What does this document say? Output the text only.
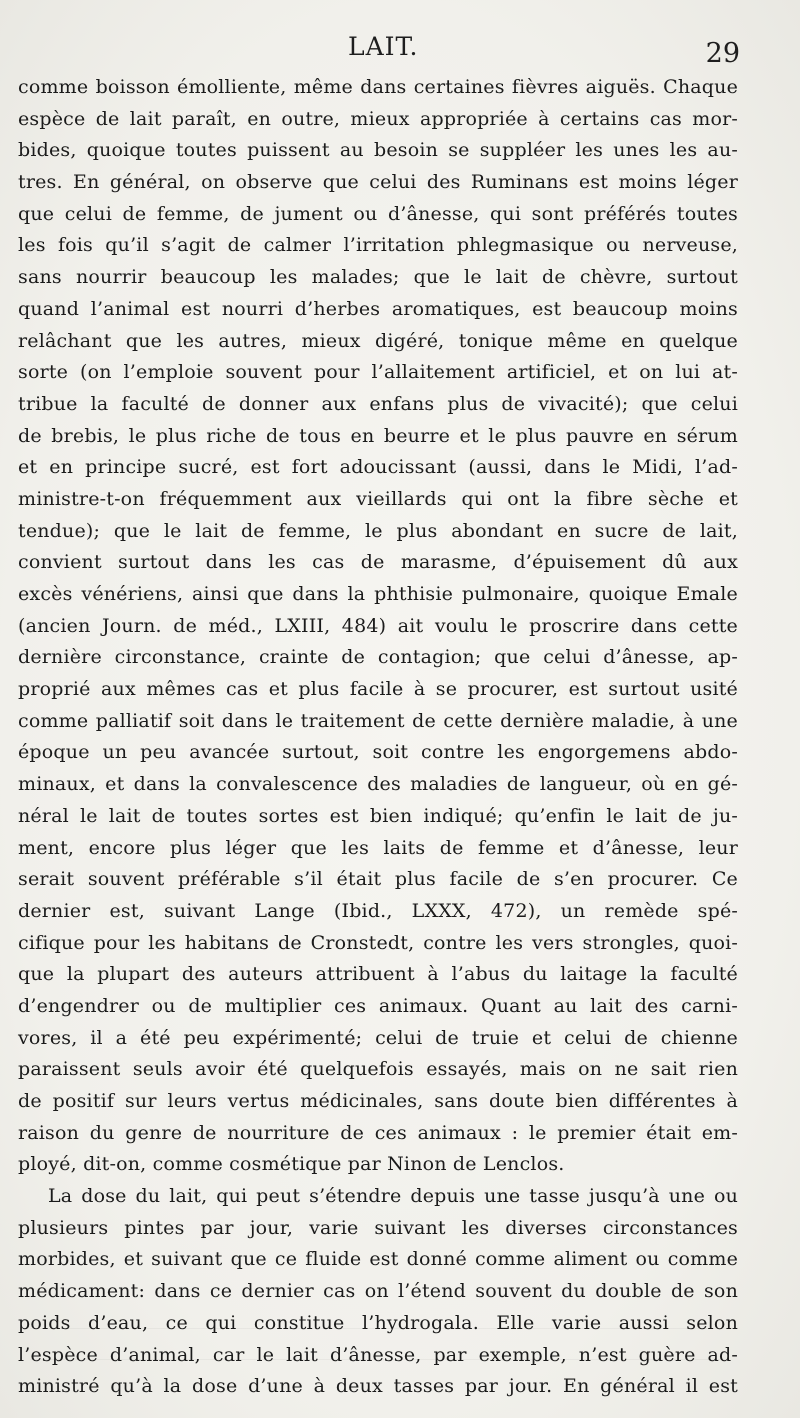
LAIT.	29
comme boisson émolliente, même dans certaines fièvres aiguës. Chaque
espèce de lait paraît, en outre, mieux appropriée à certains cas mor-
bides, quoique toutes puissent au besoin se suppléer les unes les au-
tres. En général, on observe que celui des Ruminans est moins léger
que celui de femme, de jument ou d’ânesse, qui sont préférés toutes
les fois qu’il s’agit de calmer l’irritation phlegmasique ou nerveuse,
sans nourrir beaucoup les malades; que le lait de chèvre, surtout
quand l’animal est nourri d’herbes aromatiques, est beaucoup moins
relâchant que les autres, mieux digéré, tonique même en quelque
sorte (on l’emploie souvent pour l’allaitement artificiel, et on lui at-
tribue la faculté de donner aux enfans plus de vivacité); que celui
de brebis, le plus riche de tous en beurre et le plus pauvre en sérum
et en principe sucré, est fort adoucissant (aussi, dans le Midi, l’ad-
ministre-t-on fréquemment aux vieillards qui ont la fibre sèche et
tendue); que le lait de femme, le plus abondant en sucre de lait,
convient surtout dans les cas de marasme, d’épuisement dû aux
excès vénériens, ainsi que dans la phthisie pulmonaire, quoique Emale
(ancien Journ. de méd., LXIII, 484) ait voulu le proscrire dans cette
dernière circonstance, crainte de contagion; que celui d’ânesse, ap-
proprié aux mêmes cas et plus facile à se procurer, est surtout usité
comme palliatif soit dans le traitement de cette dernière maladie, à une
époque un peu avancée surtout, soit contre les engorgemens abdo-
minaux, et dans la convalescence des maladies de langueur, où en gé-
néral le lait de toutes sortes est bien indiqué; qu’enfin le lait de ju-
ment, encore plus léger que les laits de femme et d’ânesse, leur
serait souvent préférable s’il était plus facile de s’en procurer. Ce
dernier est, suivant Lange (Ibid., LXXX, 472), un remède spé-
cifique pour les habitans de Cronstedt, contre les vers strongles, quoi-
que la plupart des auteurs attribuent à l’abus du laitage la faculté
d’engendrer ou de multiplier ces animaux. Quant au lait des carni-
vores, il a été peu expérimenté; celui de truie et celui de chienne
paraissent seuls avoir été quelquefois essayés, mais on ne sait rien
de positif sur leurs vertus médicinales, sans doute bien différentes à
raison du genre de nourriture de ces animaux : le premier était em-
ployé, dit-on, comme cosmétique par Ninon de Lenclos.
La dose du lait, qui peut s’étendre depuis une tasse jusqu’à une ou
plusieurs pintes par jour, varie suivant les diverses circonstances
morbides, et suivant que ce fluide est donné comme aliment ou comme
médicament: dans ce dernier cas on l’étend souvent du double de son
poids d’eau, ce qui constitue l’hydrogala. Elle varie aussi selon
l’espèce d’animal, car le lait d’ânesse, par exemple, n’est guère ad-
ministré qu’à la dose d’une à deux tasses par jour. En général il est
